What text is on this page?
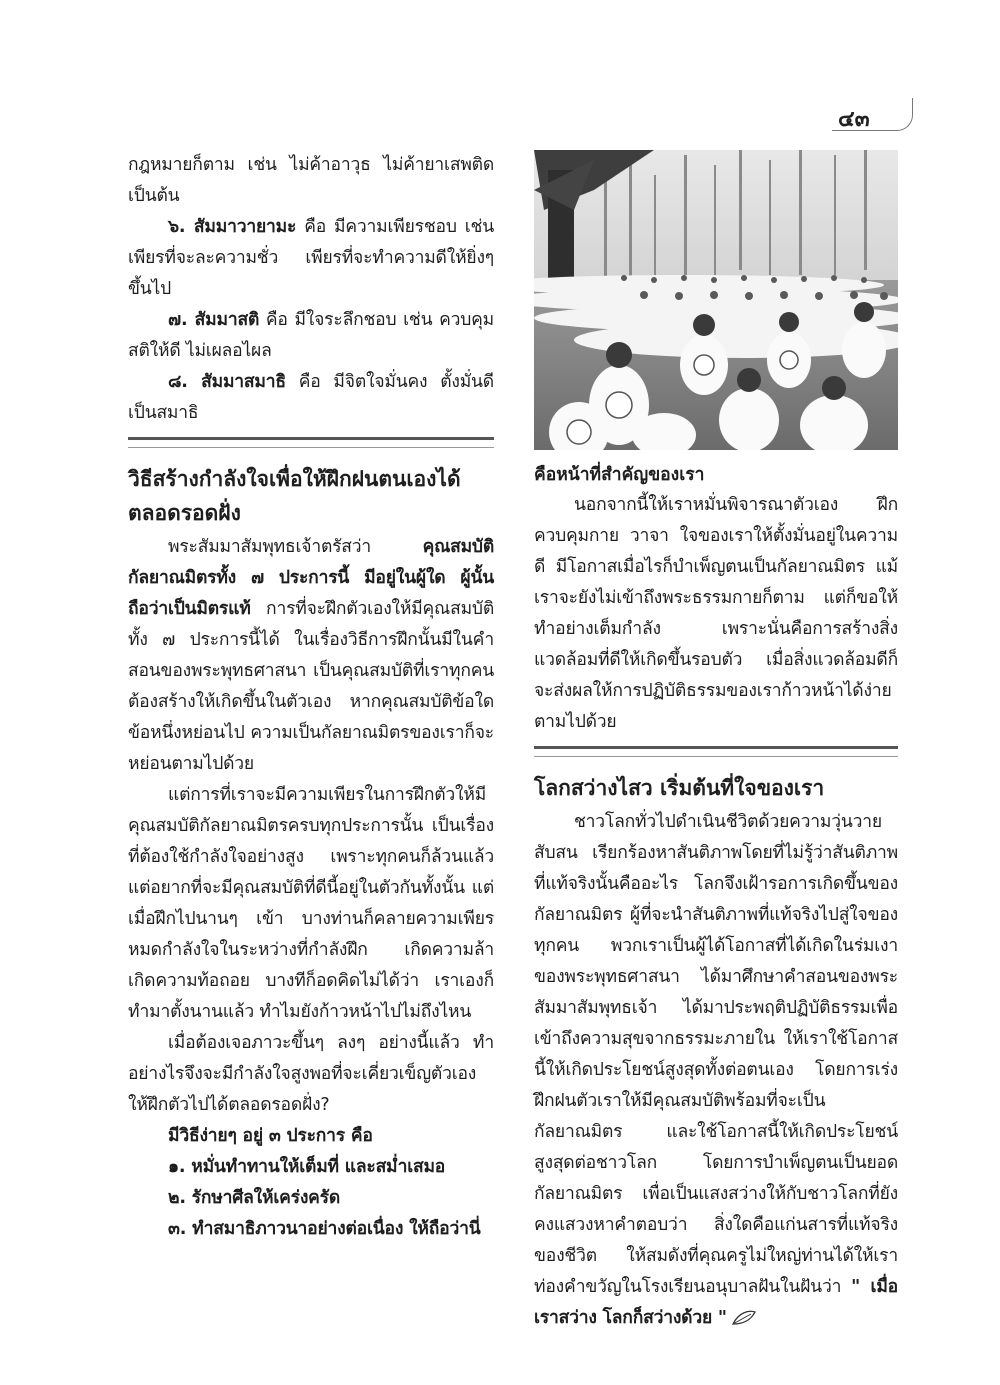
๔๓

กฎหมายก็ตาม เช่น ไม่ค้าอาวุธ ไม่ค้ายาเสพติด เป็นต้น

๖. สัมมาวายามะ คือ มีความเพียรชอบ เช่น เพียรที่จะละความชั่ว เพียรที่จะทำความดีให้ยิ่งๆ ขึ้นไป

๗. สัมมาสติ คือ มีใจระลึกชอบ เช่น ควบคุมสติให้ดี ไม่เผลอไผล

๘. สัมมาสมาธิ คือ มีจิตใจมั่นคง ตั้งมั่นดี เป็นสมาธิ

วิธีสร้างกำลังใจเพื่อให้ฝึกฝนตนเองได้ตลอดรอดฝั่ง

พระสัมมาสัมพุทธเจ้าตรัสว่า คุณสมบัติกัลยาณมิตรทั้ง ๗ ประการนี้ มีอยู่ในผู้ใด ผู้นั้นถือว่าเป็นมิตรแท้ การที่จะฝึกตัวเองให้มีคุณสมบัติทั้ง ๗ ประการนี้ได้ ในเรื่องวิธีการฝึกนั้นมีในคำสอนของพระพุทธศาสนา เป็นคุณสมบัติที่เราทุกคนต้องสร้างให้เกิดขึ้นในตัวเอง หากคุณสมบัติข้อใดข้อหนึ่งหย่อนไป ความเป็นกัลยาณมิตรของเราก็จะหย่อนตามไปด้วย

แต่การที่เราจะมีความเพียรในการฝึกตัวให้มีคุณสมบัติกัลยาณมิตรครบทุกประการนั้น เป็นเรื่องที่ต้องใช้กำลังใจอย่างสูง เพราะทุกคนก็ล้วนแล้วแต่อยากที่จะมีคุณสมบัติที่ดีนี้อยู่ในตัวกันทั้งนั้น แต่เมื่อฝึกไปนานๆ เข้า บางท่านก็คลายความเพียร หมดกำลังใจในระหว่างที่กำลังฝึก เกิดความล้า เกิดความท้อถอย บางทีก็อดคิดไม่ได้ว่า เราเองก็ทำมาตั้งนานแล้ว ทำไมยังก้าวหน้าไปไม่ถึงไหน

เมื่อต้องเจอภาวะขึ้นๆ ลงๆ อย่างนี้แล้ว ทำอย่างไรจึงจะมีกำลังใจสูงพอที่จะเคี่ยวเข็ญตัวเองให้ฝึกตัวไปได้ตลอดรอดฝั่ง?

มีวิธีง่ายๆ อยู่ ๓ ประการ คือ

๑. หมั่นทำทานให้เต็มที่ และสม่ำเสมอ

๒. รักษาศีลให้เคร่งครัด

๓. ทำสมาธิภาวนาอย่างต่อเนื่อง ให้ถือว่านี่

คือหน้าที่สำคัญของเรา

นอกจากนี้ให้เราหมั่นพิจารณาตัวเอง ฝึกควบคุมกาย วาจา ใจของเราให้ตั้งมั่นอยู่ในความดี มีโอกาสเมื่อไรก็บำเพ็ญตนเป็นกัลยาณมิตร แม้เราจะยังไม่เข้าถึงพระธรรมกายก็ตาม แต่ก็ขอให้ทำอย่างเต็มกำลัง เพราะนั่นคือการสร้างสิ่งแวดล้อมที่ดีให้เกิดขึ้นรอบตัว เมื่อสิ่งแวดล้อมดีก็จะส่งผลให้การปฏิบัติธรรมของเราก้าวหน้าได้ง่ายตามไปด้วย

โลกสว่างไสว เริ่มต้นที่ใจของเรา

ชาวโลกทั่วไปดำเนินชีวิตด้วยความวุ่นวาย สับสน เรียกร้องหาสันติภาพโดยที่ไม่รู้ว่าสันติภาพที่แท้จริงนั้นคืออะไร โลกจึงเฝ้ารอการเกิดขึ้นของกัลยาณมิตร ผู้ที่จะนำสันติภาพที่แท้จริงไปสู่ใจของทุกคน พวกเราเป็นผู้ได้โอกาสที่ได้เกิดในร่มเงาของพระพุทธศาสนา ได้มาศึกษาคำสอนของพระสัมมาสัมพุทธเจ้า ได้มาประพฤติปฏิบัติธรรมเพื่อเข้าถึงความสุขจากธรรมะภายใน ให้เราใช้โอกาสนี้ให้เกิดประโยชน์สูงสุดทั้งต่อตนเอง โดยการเร่งฝึกฝนตัวเราให้มีคุณสมบัติพร้อมที่จะเป็นกัลยาณมิตร และใช้โอกาสนี้ให้เกิดประโยชน์สูงสุดต่อชาวโลก โดยการบำเพ็ญตนเป็นยอดกัลยาณมิตร เพื่อเป็นแสงสว่างให้กับชาวโลกที่ยังคงแสวงหาคำตอบว่า สิ่งใดคือแก่นสารที่แท้จริงของชีวิต ให้สมดังที่คุณครูไม่ใหญ่ท่านได้ให้เราท่องคำขวัญในโรงเรียนอนุบาลฝันในฝันว่า " เมื่อเราสว่าง โลกก็สว่างด้วย "
